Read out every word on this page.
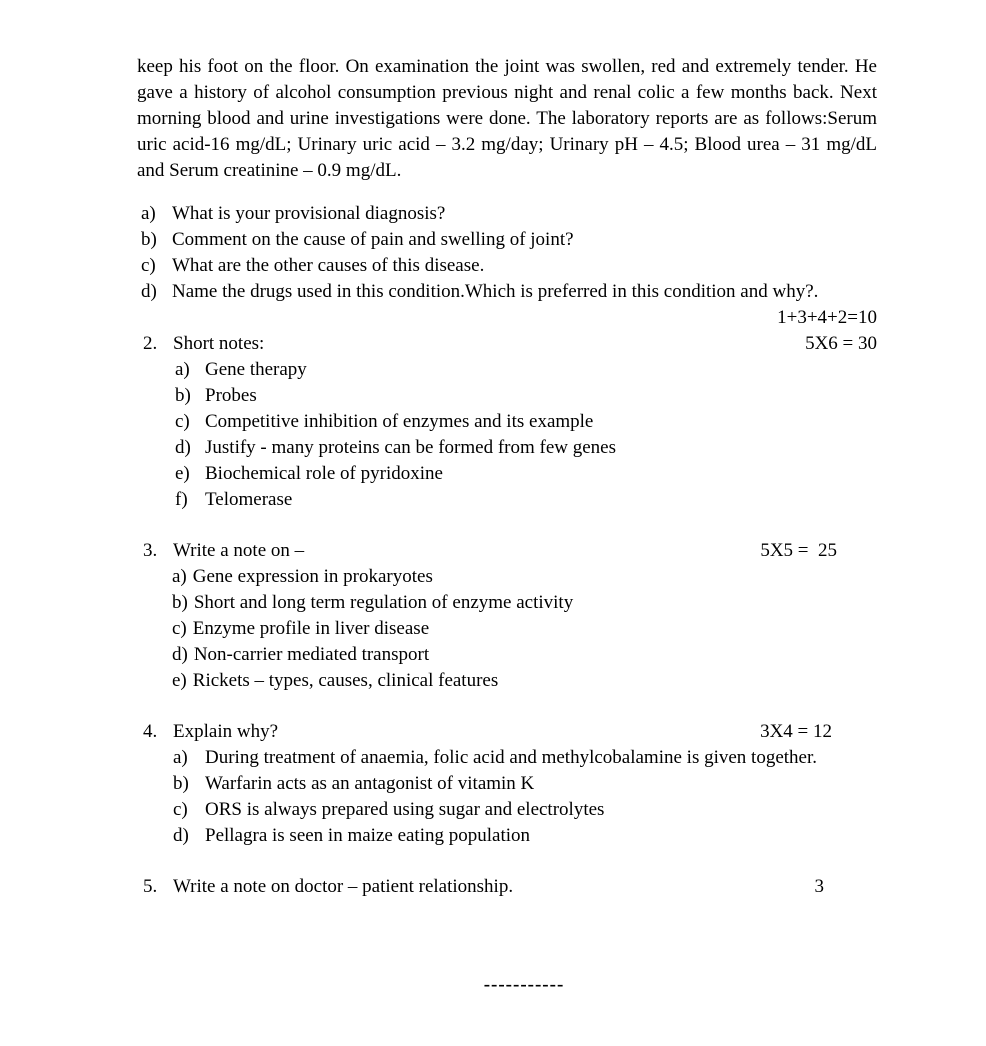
keep his foot on the floor. On examination the joint was swollen, red and extremely tender. He gave a history of alcohol consumption previous night and renal colic a few months back. Next morning blood and urine investigations were done. The laboratory reports are as follows:Serum uric acid-16 mg/dL; Urinary uric acid – 3.2 mg/day; Urinary pH – 4.5; Blood urea – 31 mg/dL and Serum creatinine – 0.9 mg/dL.
a) What is your provisional diagnosis?
b) Comment on the cause of pain and swelling of joint?
c) What are the other causes of this disease.
d) Name the drugs used in this condition.Which is preferred in this condition and why?.
1+3+4+2=10
2. Short notes:	5X6 = 30
a) Gene therapy
b) Probes
c) Competitive inhibition of enzymes and its example
d) Justify - many proteins can be formed from few genes
e) Biochemical role of pyridoxine
f) Telomerase
3. Write a note on –	5X5 =  25
a) Gene expression in prokaryotes
b) Short and long term regulation of enzyme activity
c) Enzyme profile in liver disease
d) Non-carrier mediated transport
e) Rickets – types, causes, clinical features
4. Explain why?	3X4 = 12
a) During treatment of anaemia, folic acid and methylcobalamine is given together.
b) Warfarin acts as an antagonist of vitamin K
c) ORS is always prepared using sugar and electrolytes
d) Pellagra is seen in maize eating population
5. Write a note on doctor – patient relationship.	3
-----------
